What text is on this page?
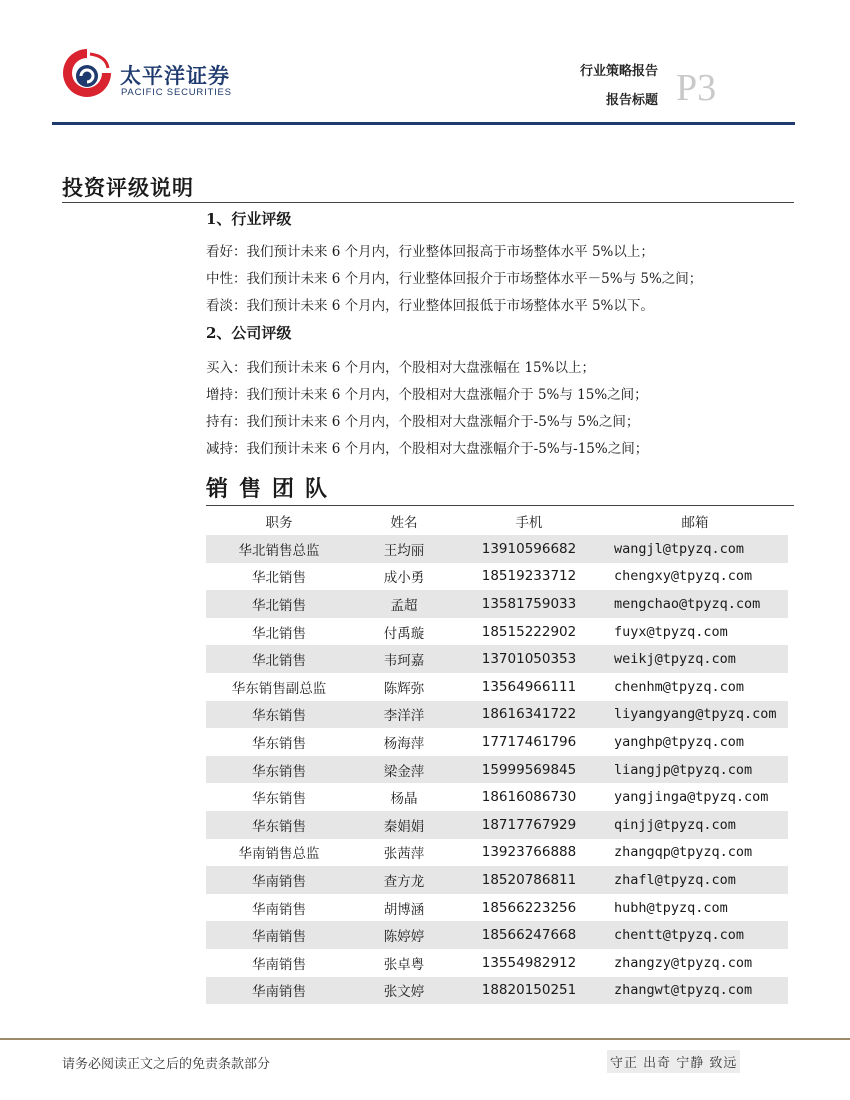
太平洋证券
PACIFIC SECURITIES
行业策略报告
报告标题 P3
投资评级说明
1、行业评级
看好：我们预计未来 6 个月内，行业整体回报高于市场整体水平 5%以上；
中性：我们预计未来 6 个月内，行业整体回报介于市场整体水平－5%与 5%之间；
看淡：我们预计未来 6 个月内，行业整体回报低于市场整体水平 5%以下。
2、公司评级
买入：我们预计未来 6 个月内，个股相对大盘涨幅在 15%以上；
增持：我们预计未来 6 个月内，个股相对大盘涨幅介于 5%与 15%之间；
持有：我们预计未来 6 个月内，个股相对大盘涨幅介于-5%与 5%之间；
减持：我们预计未来 6 个月内，个股相对大盘涨幅介于-5%与-15%之间；
销售团队
职务	姓名	手机	邮箱
华北销售总监	王均丽	13910596682	wangjl@tpyzq.com
华北销售	成小勇	18519233712	chengxy@tpyzq.com
华北销售	孟超	13581759033	mengchao@tpyzq.com
华北销售	付禹璇	18515222902	fuyx@tpyzq.com
华北销售	韦珂嘉	13701050353	weikj@tpyzq.com
华东销售副总监	陈辉弥	13564966111	chenhm@tpyzq.com
华东销售	李洋洋	18616341722	liyangyang@tpyzq.com
华东销售	杨海萍	17717461796	yanghp@tpyzq.com
华东销售	梁金萍	15999569845	liangjp@tpyzq.com
华东销售	杨晶	18616086730	yangjinga@tpyzq.com
华东销售	秦娟娟	18717767929	qinjj@tpyzq.com
华南销售总监	张茜萍	13923766888	zhangqp@tpyzq.com
华南销售	查方龙	18520786811	zhafl@tpyzq.com
华南销售	胡博涵	18566223256	hubh@tpyzq.com
华南销售	陈婷婷	18566247668	chentt@tpyzq.com
华南销售	张卓粤	13554982912	zhangzy@tpyzq.com
华南销售	张文婷	18820150251	zhangwt@tpyzq.com
请务必阅读正文之后的免责条款部分	守正 出奇 宁静 致远
